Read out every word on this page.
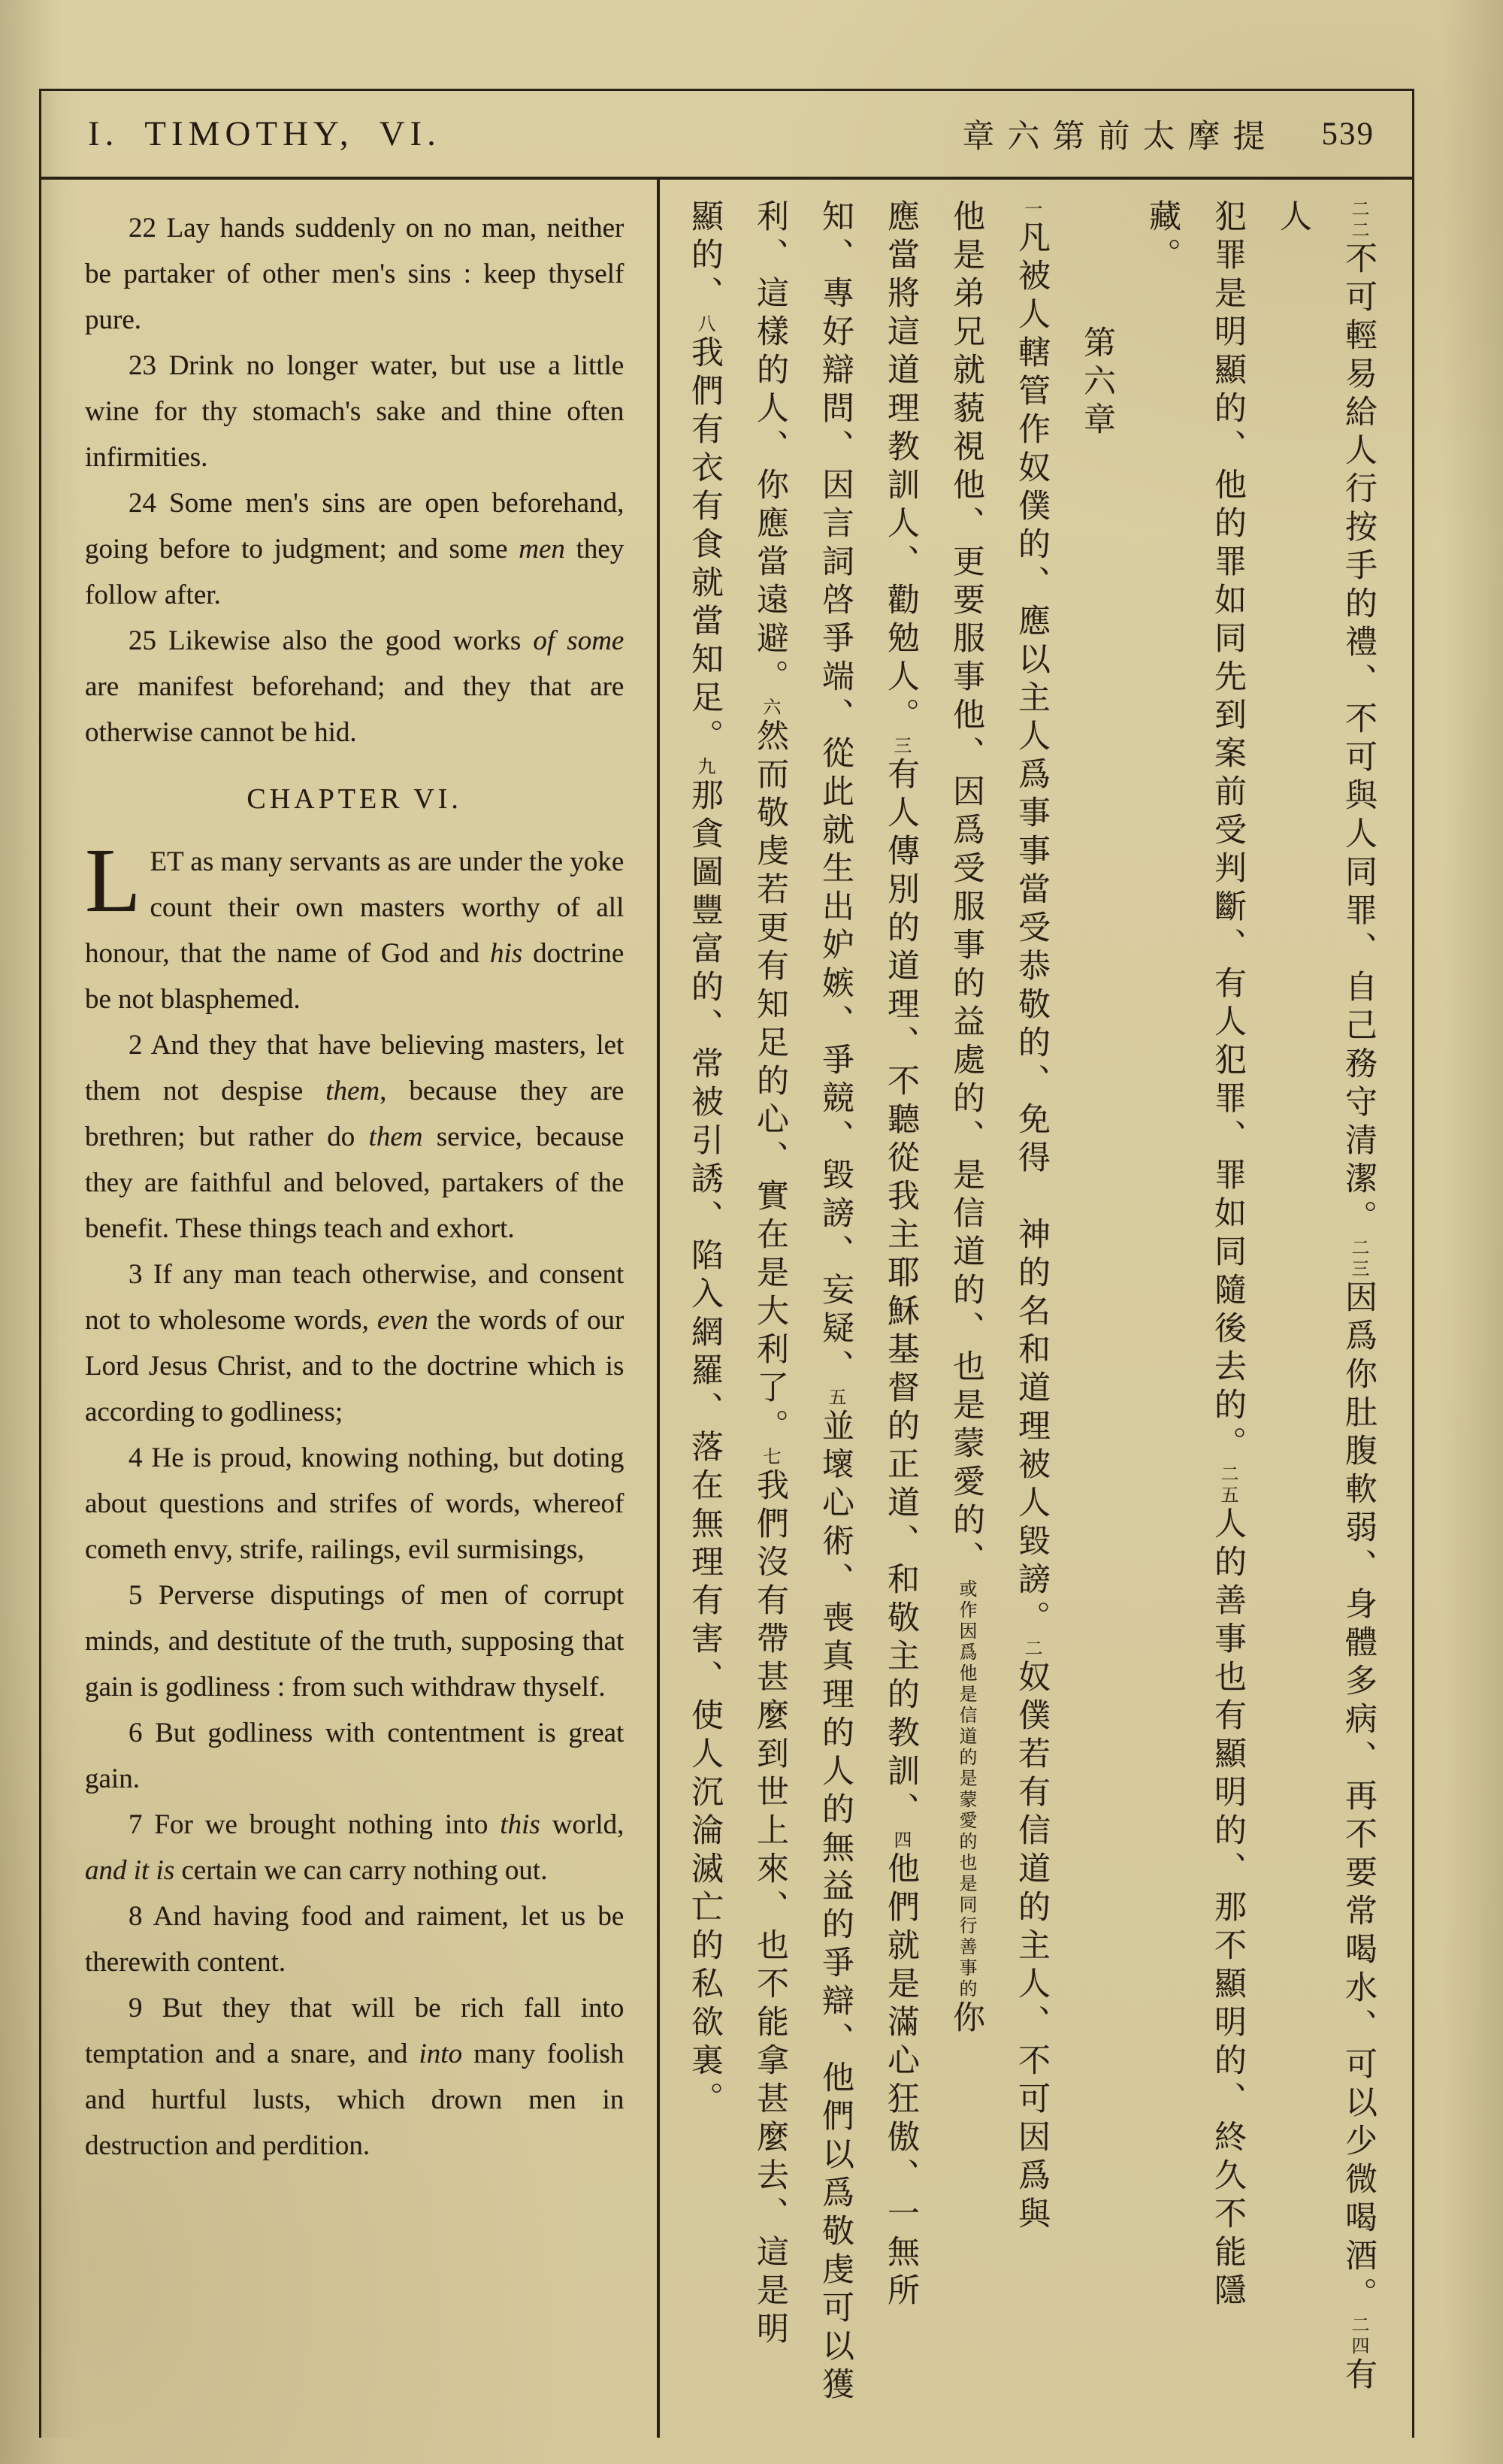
I. TIMOTHY, VI.	章六第前太摩提 539

22 Lay hands suddenly on no man, neither be partaker of other men's sins : keep thyself pure.

23 Drink no longer water, but use a little wine for thy stomach's sake and thine often infirmities.

24 Some men's sins are open beforehand, going before to judgment; and some men they follow after.

25 Likewise also the good works of some are manifest beforehand; and they that are otherwise cannot be hid.

CHAPTER VI.

LET as many servants as are under the yoke count their own masters worthy of all honour, that the name of God and his doctrine be not blasphemed.

2 And they that have believing masters, let them not despise them, because they are brethren; but rather do them service, because they are faithful and beloved, partakers of the benefit. These things teach and exhort.

3 If any man teach otherwise, and consent not to wholesome words, even the words of our Lord Jesus Christ, and to the doctrine which is according to godliness;

4 He is proud, knowing nothing, but doting about questions and strifes of words, whereof cometh envy, strife, railings, evil surmisings,

5 Perverse disputings of men of corrupt minds, and destitute of the truth, supposing that gain is godliness : from such withdraw thyself.

6 But godliness with contentment is great gain.

7 For we brought nothing into this world, and it is certain we can carry nothing out.

8 And having food and raiment, let us be therewith content.

9 But they that will be rich fall into temptation and a snare, and into many foolish and hurtful lusts, which drown men in destruction and perdition.

二二不可輕易給人行按手的禮、不可與人同罪、自己務守清潔。二三因爲你肚腹軟弱、身體多病、再不要常喝水、可以少微喝酒。二四有人
犯罪是明顯的、他的罪如同先到案前受判斷、有人犯罪、罪如同隨後去的。二五人的善事也有顯明的、那不顯明的、終久不能隱
藏。
第六章
一凡被人轄管作奴僕的、應以主人爲事事當受恭敬的、免得　神的名和道理被人毀謗。二奴僕若有信道的主人、不可因爲與
他是弟兄就藐視他、更要服事他、因爲受服事的益處的、是信道的、也是蒙愛的、或作因爲他是信道的是蒙愛的也是同行善事的你
應當將這道理教訓人、勸勉人。三有人傳別的道理、不聽從我主耶穌基督的正道、和敬主的教訓、四他們就是滿心狂傲、一無所
知、專好辯問、因言詞啓爭端、從此就生出妒嫉、爭競、毀謗、妄疑、五並壞心術、喪真理的人的無益的爭辯、他們以爲敬虔可以獲
利、這樣的人、你應當遠避。六然而敬虔若更有知足的心、實在是大利了。七我們沒有帶甚麼到世上來、也不能拿甚麼去、這是明
顯的、八我們有衣有食就當知足。九那貪圖豐富的、常被引誘、陷入網羅、落在無理有害、使人沉淪滅亡的私欲裏。
